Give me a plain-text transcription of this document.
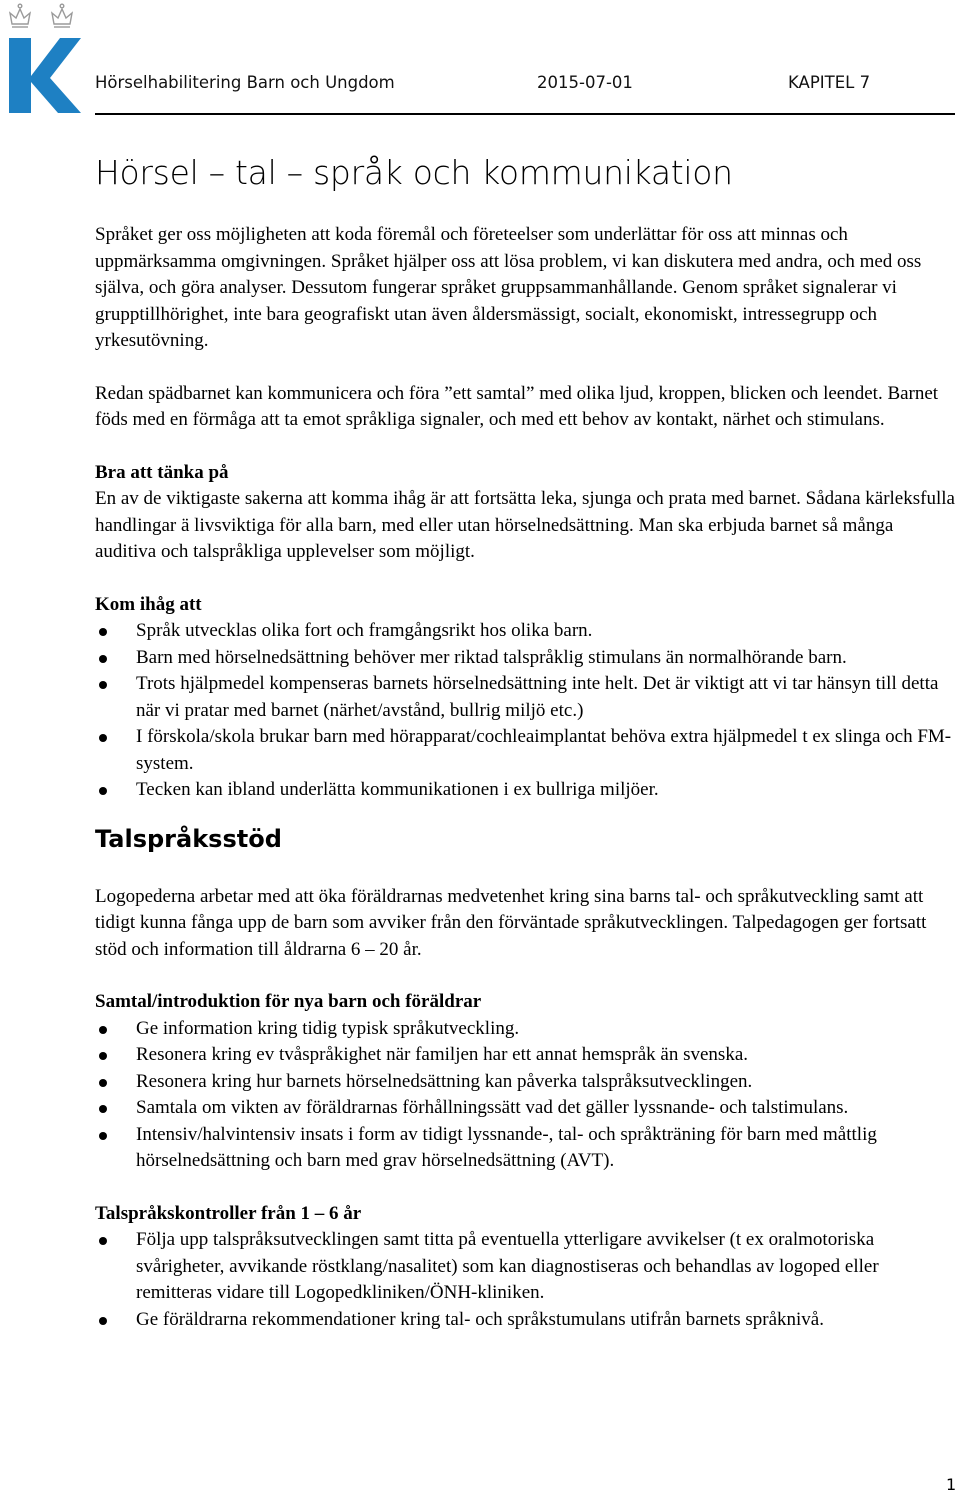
Hörselhabilitering Barn och Ungdom	2015-07-01	KAPITEL 7
Hörsel – tal – språk och kommunikation

Språket ger oss möjligheten att koda föremål och företeelser som underlättar för oss att minnas och uppmärksamma omgivningen. Språket hjälper oss att lösa problem, vi kan diskutera med andra, och med oss själva, och göra analyser. Dessutom fungerar språket gruppsammanhållande. Genom språket signalerar vi grupptillhörighet, inte bara geografiskt utan även åldersmässigt, socialt, ekonomiskt, intressegrupp och yrkesutövning.

Redan spädbarnet kan kommunicera och föra ”ett samtal” med olika ljud, kroppen, blicken och leendet. Barnet föds med en förmåga att ta emot språkliga signaler, och med ett behov av kontakt, närhet och stimulans.

Bra att tänka på

En av de viktigaste sakerna att komma ihåg är att fortsätta leka, sjunga och prata med barnet. Sådana kärleksfulla handlingar ä livsviktiga för alla barn, med eller utan hörselnedsättning. Man ska erbjuda barnet så många auditiva och talspråkliga upplevelser som möjligt.

Kom ihåg att

Språk utvecklas olika fort och framgångsrikt hos olika barn.
Barn med hörselnedsättning behöver mer riktad talspråklig stimulans än normalhörande barn.
Trots hjälpmedel kompenseras barnets hörselnedsättning inte helt. Det är viktigt att vi tar hänsyn till detta när vi pratar med barnet (närhet/avstånd, bullrig miljö etc.)
I förskola/skola brukar barn med hörapparat/cochleaimplantat behöva extra hjälpmedel t ex slinga och FM-system.
Tecken kan ibland underlätta kommunikationen i ex bullriga miljöer.
Talspråksstöd

Logopederna arbetar med att öka föräldrarnas medvetenhet kring sina barns tal- och språkutveckling samt att tidigt kunna fånga upp de barn som avviker från den förväntade språkutvecklingen. Talpedagogen ger fortsatt stöd och information till åldrarna 6 – 20 år.

Samtal/introduktion för nya barn och föräldrar

Ge information kring tidig typisk språkutveckling.
Resonera kring ev tvåspråkighet när familjen har ett annat hemspråk än svenska.
Resonera kring hur barnets hörselnedsättning kan påverka talspråksutvecklingen.
Samtala om vikten av föräldrarnas förhållningssätt vad det gäller lyssnande- och talstimulans.
Intensiv/halvintensiv insats i form av tidigt lyssnande-, tal- och språkträning för barn med måttlig hörselnedsättning och barn med grav hörselnedsättning (AVT).

Talspråkskontroller från 1 – 6 år

Följa upp talspråksutvecklingen samt titta på eventuella ytterligare avvikelser (t ex oralmotoriska svårigheter, avvikande röstklang/nasalitet) som kan diagnostiseras och behandlas av logoped eller remitteras vidare till Logopedkliniken/ÖNH-kliniken.
Ge föräldrarna rekommendationer kring tal- och språkstumulans utifrån barnets språknivå.
1
